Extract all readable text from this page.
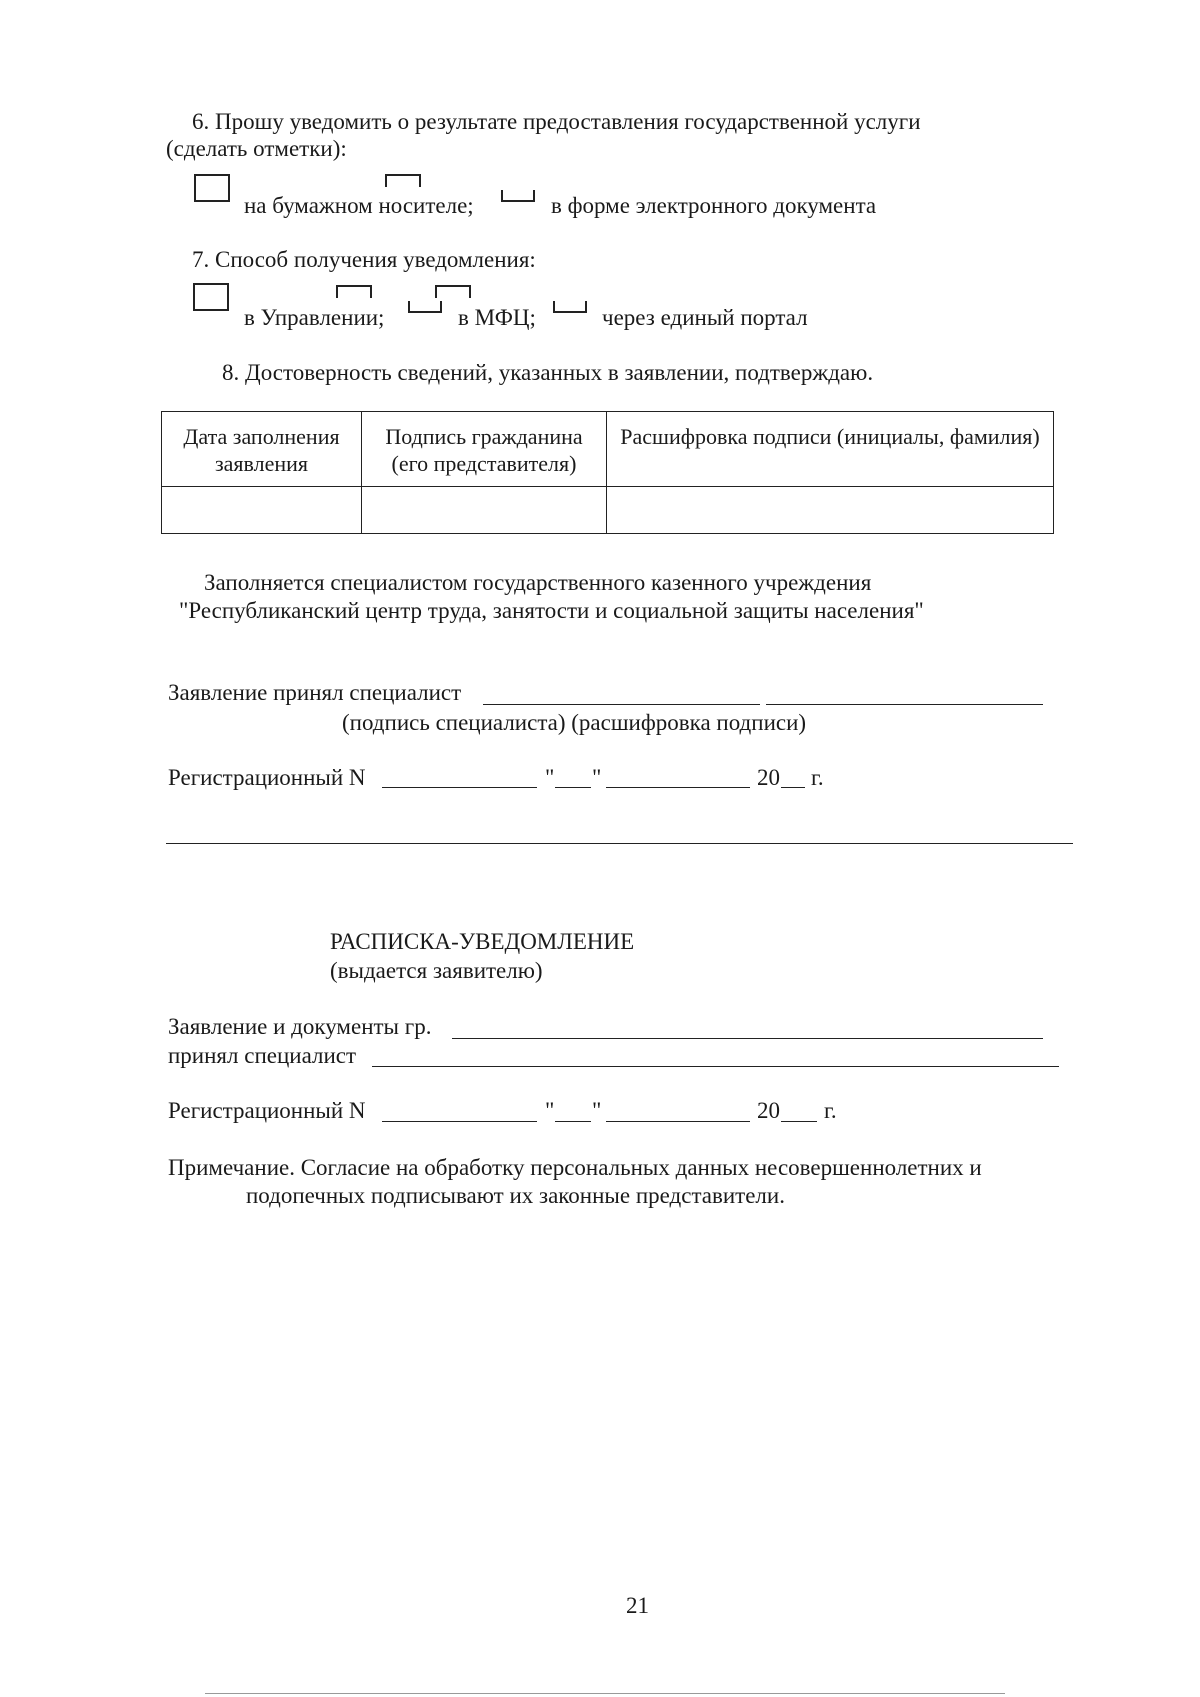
6. Прошу уведомить о результате предоставления государственной услуги
(сделать отметки):
на бумажном носителе;	в форме электронного документа
7. Способ получения уведомления:
в Управлении;	в МФЦ;	через единый портал
8. Достоверность сведений, указанных в заявлении, подтверждаю.
Дата заполнения заявления	Подпись гражданина (его представителя)	Расшифровка подписи (инициалы, фамилия)

Заполняется специалистом государственного казенного учреждения
"Республиканский центр труда, занятости и социальной защиты населения"
Заявление принял специалист
(подпись специалиста) (расшифровка подписи)
Регистрационный N	" "	20 г.
РАСПИСКА-УВЕДОМЛЕНИЕ
(выдается заявителю)
Заявление и документы гр.
принял специалист
Регистрационный N	" "	20 г.
Примечание. Согласие на обработку персональных данных несовершеннолетних и
подопечных подписывают их законные представители.
21
